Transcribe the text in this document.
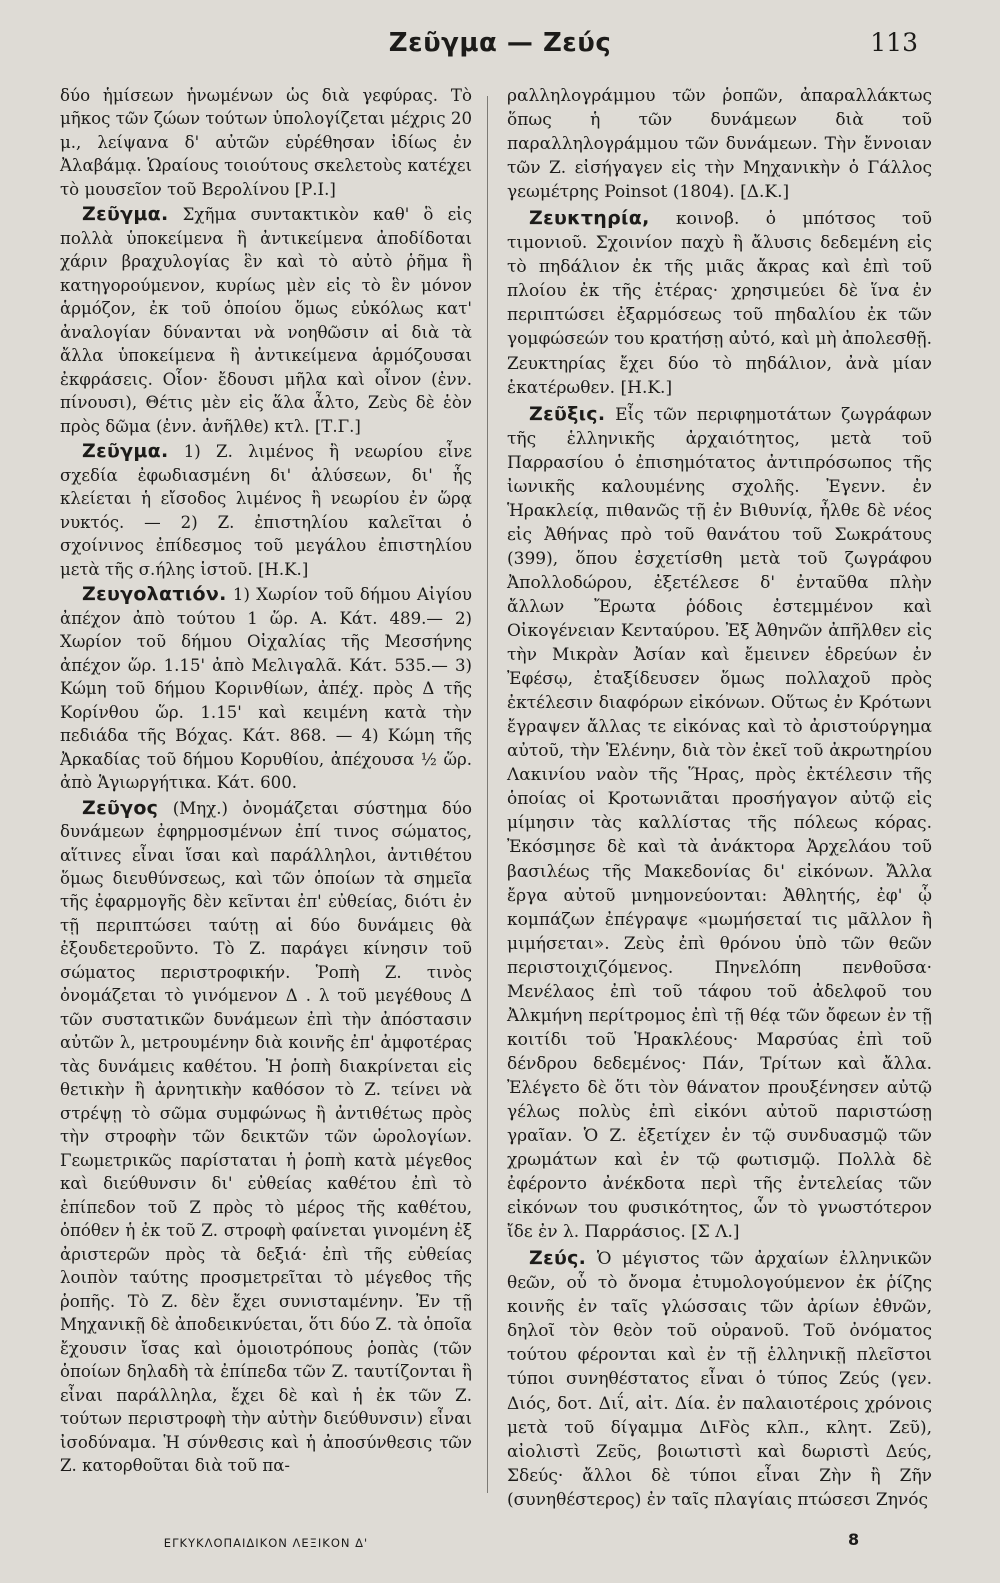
Ζεῦγμα — Ζεύς	113

δύο ἡμίσεων ἡνωμένων ὡς διὰ γεφύρας. Τὸ μῆκος τῶν ζώων τούτων ὑπολογίζεται μέχρις 20 μ., λείψανα δ' αὐτῶν εὑρέθησαν ἰδίως ἐν Ἀλαβάμᾳ. Ὡραίους τοιούτους σκελετοὺς κατέχει τὸ μουσεῖον τοῦ Βερολίνου [Ρ.Ι.]

Ζεῦγμα. Σχῆμα συντακτικὸν καθ' ὃ εἰς πολλὰ ὑποκείμενα ἢ ἀντικείμενα ἀποδίδοται χάριν βραχυλογίας ἓν καὶ τὸ αὐτὸ ῥῆμα ἢ κατηγορούμενον, κυρίως μὲν εἰς τὸ ἓν μόνον ἁρμόζον, ἐκ τοῦ ὁποίου ὅμως εὐκόλως κατ' ἀναλογίαν δύνανται νὰ νοηθῶσιν αἱ διὰ τὰ ἄλλα ὑποκείμενα ἢ ἀντικείμενα ἁρμόζουσαι ἐκφράσεις. Οἷον· ἔδουσι μῆλα καὶ οἶνον (ἐνν. πίνουσι), Θέτις μὲν εἰς ἅλα ἆλτο, Ζεὺς δὲ ἑὸν πρὸς δῶμα (ἐνν. ἀνῆλθε) κτλ. [Τ.Γ.]

Ζεῦγμα. 1) Ζ. λιμένος ἢ νεωρίου εἶνε σχεδία ἐφωδιασμένη δι' ἀλύσεων, δι' ἧς κλείεται ἡ εἴσοδος λιμένος ἢ νεωρίου ἐν ὥρᾳ νυκτός. — 2) Ζ. ἐπιστηλίου καλεῖται ὁ σχοίνινος ἐπίδεσμος τοῦ μεγάλου ἐπιστηλίου μετὰ τῆς σ.ήλης ἱστοῦ. [Η.Κ.]

Ζευγολατιόν. 1) Χωρίον τοῦ δήμου Αἰγίου ἀπέχον ἀπὸ τούτου 1 ὥρ. Α. Κάτ. 489.— 2) Χωρίον τοῦ δήμου Οἰχαλίας τῆς Μεσσήνης ἀπέχον ὥρ. 1.15' ἀπὸ Μελιγαλᾶ. Κάτ. 535.— 3) Κώμη τοῦ δήμου Κορινθίων, ἀπέχ. πρὸς Δ τῆς Κορίνθου ὥρ. 1.15' καὶ κειμένη κατὰ τὴν πεδιάδα τῆς Βόχας. Κάτ. 868. — 4) Κώμη τῆς Ἀρκαδίας τοῦ δήμου Κορυθίου, ἀπέχουσα ½ ὥρ. ἀπὸ Ἁγιωργήτικα. Κάτ. 600.

Ζεῦγος (Μηχ.) ὀνομάζεται σύστημα δύο δυνάμεων ἐφηρμοσμένων ἐπί τινος σώματος, αἵτινες εἶναι ἴσαι καὶ παράλληλοι, ἀντιθέτου ὅμως διευθύνσεως, καὶ τῶν ὁποίων τὰ σημεῖα τῆς ἐφαρμογῆς δὲν κεῖνται ἐπ' εὐθείας, διότι ἐν τῇ περιπτώσει ταύτῃ αἱ δύο δυνάμεις θὰ ἐξουδετεροῦντο. Τὸ Ζ. παράγει κίνησιν τοῦ σώματος περιστροφικήν. Ῥοπὴ Ζ. τινὸς ὀνομάζεται τὸ γινόμενον Δ . λ τοῦ μεγέθους Δ τῶν συστατικῶν δυνάμεων ἐπὶ τὴν ἀπόστασιν αὐτῶν λ, μετρουμένην διὰ κοινῆς ἐπ' ἀμφοτέρας τὰς δυνάμεις καθέτου. Ἡ ῥοπὴ διακρίνεται εἰς θετικὴν ἢ ἀρνητικὴν καθόσον τὸ Ζ. τείνει νὰ στρέψῃ τὸ σῶμα συμφώνως ἢ ἀντιθέτως πρὸς τὴν στροφὴν τῶν δεικτῶν τῶν ὡρολογίων. Γεωμετρικῶς παρίσταται ἡ ῥοπὴ κατὰ μέγεθος καὶ διεύθυνσιν δι' εὐθείας καθέτου ἐπὶ τὸ ἐπίπεδον τοῦ Ζ πρὸς τὸ μέρος τῆς καθέτου, ὁπόθεν ἡ ἐκ τοῦ Ζ. στροφὴ φαίνεται γινομένη ἐξ ἀριστερῶν πρὸς τὰ δεξιά· ἐπὶ τῆς εὐθείας λοιπὸν ταύτης προσμετρεῖται τὸ μέγεθος τῆς ῥοπῆς. Τὸ Ζ. δὲν ἔχει συνισταμένην. Ἐν τῇ Μηχανικῇ δὲ ἀποδεικνύεται, ὅτι δύο Ζ. τὰ ὁποῖα ἔχουσιν ἴσας καὶ ὁμοιοτρόπους ῥοπὰς (τῶν ὁποίων δηλαδὴ τὰ ἐπίπεδα τῶν Ζ. ταυτίζονται ἢ εἶναι παράλληλα, ἔχει δὲ καὶ ἡ ἐκ τῶν Ζ. τούτων περιστροφὴ τὴν αὐτὴν διεύθυνσιν) εἶναι ἰσοδύναμα. Ἡ σύνθεσις καὶ ἡ ἀποσύνθεσις τῶν Ζ. κατορθοῦται διὰ τοῦ πα-

ραλληλογράμμου τῶν ῥοπῶν, ἀπαραλλάκτως ὅπως ἡ τῶν δυνάμεων διὰ τοῦ παραλληλογράμμου τῶν δυνάμεων. Τὴν ἔννοιαν τῶν Ζ. εἰσήγαγεν εἰς τὴν Μηχανικὴν ὁ Γάλλος γεωμέτρης Poinsot (1804). [Δ.Κ.]

Ζευκτηρία, κοινοβ. ὁ μπότσος τοῦ τιμονιοῦ. Σχοινίον παχὺ ἢ ἄλυσις δεδεμένη εἰς τὸ πηδάλιον ἐκ τῆς μιᾶς ἄκρας καὶ ἐπὶ τοῦ πλοίου ἐκ τῆς ἑτέρας· χρησιμεύει δὲ ἵνα ἐν περιπτώσει ἐξαρμόσεως τοῦ πηδαλίου ἐκ τῶν γομφώσεών του κρατήσῃ αὐτό, καὶ μὴ ἀπολεσθῇ. Ζευκτηρίας ἔχει δύο τὸ πηδάλιον, ἀνὰ μίαν ἑκατέρωθεν. [Η.Κ.]

Ζεῦξις. Εἷς τῶν περιφημοτάτων ζωγράφων τῆς ἑλληνικῆς ἀρχαιότητος, μετὰ τοῦ Παρρασίου ὁ ἐπισημότατος ἀντιπρόσωπος τῆς ἰωνικῆς καλουμένης σχολῆς. Ἐγενν. ἐν Ἡρακλείᾳ, πιθανῶς τῇ ἐν Βιθυνίᾳ, ἦλθε δὲ νέος εἰς Ἀθήνας πρὸ τοῦ θανάτου τοῦ Σωκράτους (399), ὅπου ἐσχετίσθη μετὰ τοῦ ζωγράφου Ἀπολλοδώρου, ἐξετέλεσε δ' ἐνταῦθα πλὴν ἄλλων Ἔρωτα ῥόδοις ἐστεμμένον καὶ Οἰκογένειαν Κενταύρου. Ἐξ Ἀθηνῶν ἀπῆλθεν εἰς τὴν Μικρὰν Ἀσίαν καὶ ἔμεινεν ἑδρεύων ἐν Ἐφέσῳ, ἐταξίδευσεν ὅμως πολλαχοῦ πρὸς ἐκτέλεσιν διαφόρων εἰκόνων. Οὕτως ἐν Κρότωνι ἔγραψεν ἄλλας τε εἰκόνας καὶ τὸ ἀριστούργημα αὐτοῦ, τὴν Ἑλένην, διὰ τὸν ἐκεῖ τοῦ ἀκρωτηρίου Λακινίου ναὸν τῆς Ἥρας, πρὸς ἐκτέλεσιν τῆς ὁποίας οἱ Κροτωνιᾶται προσήγαγον αὐτῷ εἰς μίμησιν τὰς καλλίστας τῆς πόλεως κόρας. Ἐκόσμησε δὲ καὶ τὰ ἀνάκτορα Ἀρχελάου τοῦ βασιλέως τῆς Μακεδονίας δι' εἰκόνων. Ἄλλα ἔργα αὐτοῦ μνημονεύονται: Ἀθλητής, ἐφ' ᾧ κομπάζων ἐπέγραψε «μωμήσεταί τις μᾶλλον ἢ μιμήσεται». Ζεὺς ἐπὶ θρόνου ὑπὸ τῶν θεῶν περιστοιχιζόμενος. Πηνελόπη πενθοῦσα· Μενέλαος ἐπὶ τοῦ τάφου τοῦ ἀδελφοῦ του Ἀλκμήνη περίτρομος ἐπὶ τῇ θέᾳ τῶν ὄφεων ἐν τῇ κοιτίδι τοῦ Ἡρακλέους· Μαρσύας ἐπὶ τοῦ δένδρου δεδεμένος· Πάν, Τρίτων καὶ ἄλλα. Ἐλέγετο δὲ ὅτι τὸν θάνατον προυξένησεν αὐτῷ γέλως πολὺς ἐπὶ εἰκόνι αὐτοῦ παριστώσῃ γραῖαν. Ὁ Ζ. ἐξετίχεν ἐν τῷ συνδυασμῷ τῶν χρωμάτων καὶ ἐν τῷ φωτισμῷ. Πολλὰ δὲ ἐφέροντο ἀνέκδοτα περὶ τῆς ἐντελείας τῶν εἰκόνων του φυσικότητος, ὧν τὸ γνωστότερον ἴδε ἐν λ. Παρράσιος. [Σ Λ.]

Ζεύς. Ὁ μέγιστος τῶν ἀρχαίων ἑλληνικῶν θεῶν, οὗ τὸ ὄνομα ἐτυμολογούμενον ἐκ ῥίζης κοινῆς ἐν ταῖς γλώσσαις τῶν ἀρίων ἐθνῶν, δηλοῖ τὸν θεὸν τοῦ οὐρανοῦ. Τοῦ ὀνόματος τούτου φέρονται καὶ ἐν τῇ ἑλληνικῇ πλεῖστοι τύποι συνηθέστατος εἶναι ὁ τύπος Ζεύς (γεν. Διός, δοτ. Διΐ, αἰτ. Δία. ἐν παλαιοτέροις χρόνοις μετὰ τοῦ δίγαμμα ΔιFὸς κλπ., κλητ. Ζεῦ), αἰολιστὶ Ζεῦς, βοιωτιστὶ καὶ δωριστὶ Δεύς, Σδεύς· ἄλλοι δὲ τύποι εἶναι Ζὴν ἢ Ζῆν (συνηθέστερος) ἐν ταῖς πλαγίαις πτώσεσι Ζηνός

ΕΓΚΥΚΛΟΠΑΙΔΙΚΟΝ ΛΕΞΙΚΟΝ Δ'	8
